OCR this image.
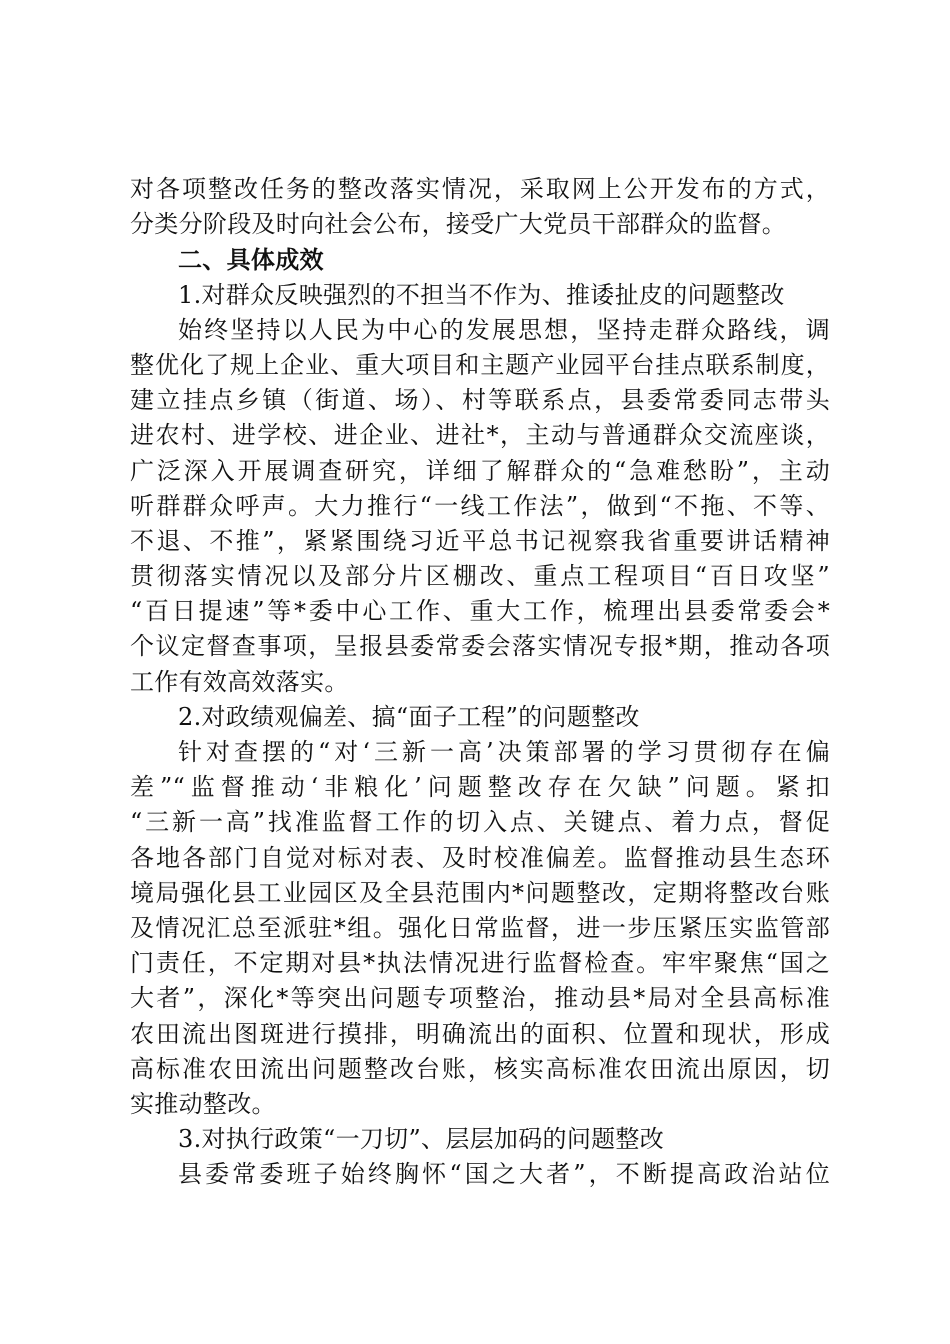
对各项整改任务的整改落实情况，采取网上公开发布的方式，
分类分阶段及时向社会公布，接受广大党员干部群众的监督。
二、具体成效
1.对群众反映强烈的不担当不作为、推诿扯皮的问题整改
始终坚持以人民为中心的发展思想，坚持走群众路线，调
整优化了规上企业、重大项目和主题产业园平台挂点联系制度，
建立挂点乡镇（街道、场）、村等联系点，县委常委同志带头
进农村、进学校、进企业、进社*，主动与普通群众交流座谈，
广泛深入开展调查研究，详细了解群众的“急难愁盼”，主动
听群群众呼声。大力推行“一线工作法”，做到“不拖、不等、
不退、不推”，紧紧围绕习近平总书记视察我省重要讲话精神
贯彻落实情况以及部分片区棚改、重点工程项目“百日攻坚”
“百日提速”等*委中心工作、重大工作，梳理出县委常委会*
个议定督查事项，呈报县委常委会落实情况专报*期，推动各项
工作有效高效落实。
2.对政绩观偏差、搞“面子工程”的问题整改
针对查摆的“对‘三新一高’决策部署的学习贯彻存在偏
差”“监督推动‘非粮化’问题整改存在欠缺”问题。紧扣
“三新一高”找准监督工作的切入点、关键点、着力点，督促
各地各部门自觉对标对表、及时校准偏差。监督推动县生态环
境局强化县工业园区及全县范围内*问题整改，定期将整改台账
及情况汇总至派驻*组。强化日常监督，进一步压紧压实监管部
门责任，不定期对县*执法情况进行监督检查。牢牢聚焦“国之
大者”，深化*等突出问题专项整治，推动县*局对全县高标准
农田流出图斑进行摸排，明确流出的面积、位置和现状，形成
高标准农田流出问题整改台账，核实高标准农田流出原因，切
实推动整改。
3.对执行政策“一刀切”、层层加码的问题整改
县委常委班子始终胸怀“国之大者”，不断提高政治站位
